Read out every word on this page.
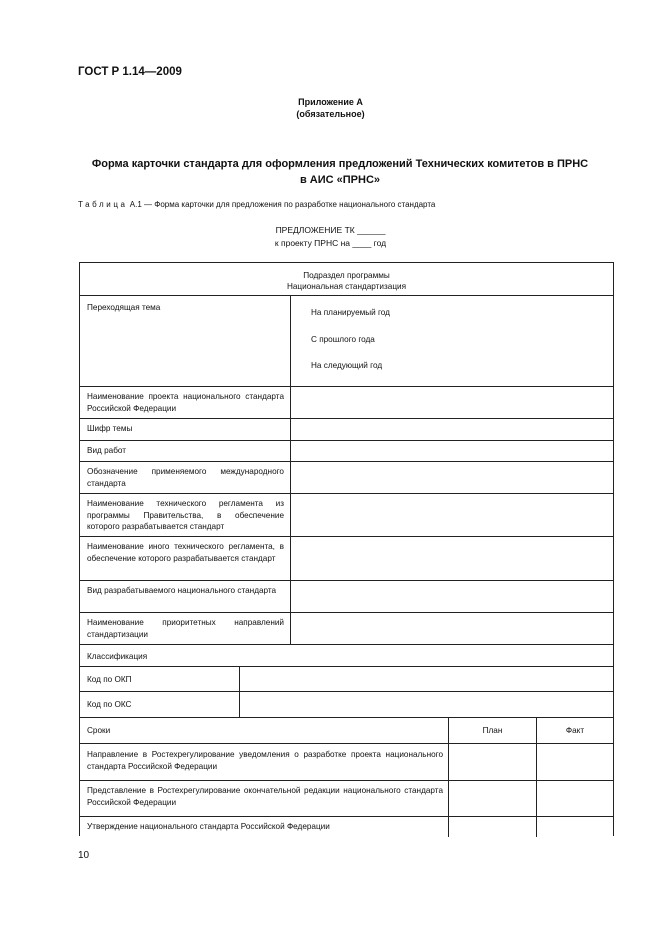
ГОСТ Р 1.14—2009
Приложение А
(обязательное)
Форма карточки стандарта для оформления предложений Технических комитетов в ПРНС
в АИС «ПРНС»
Таблица А.1 — Форма карточки для предложения по разработке национального стандарта
ПРЕДЛОЖЕНИЕ ТК ______
к проекту ПРНС на ____ год
Подраздел программы
Национальная стандартизация
Переходящая тема
На планируемый год
С прошлого года
На следующий год
Наименование проекта национального стандарта Российской Федерации
Шифр темы
Вид работ
Обозначение применяемого международного стандарта
Наименование технического регламента из программы Правительства, в обеспечение которого разрабатывается стандарт
Наименование иного технического регламента, в обеспечение которого разрабатывается стандарт
Вид разрабатываемого национального стандарта
Наименование приоритетных направлений стандартизации
Классификация
Код по ОКП
Код по ОКС
Сроки	План	Факт
Направление в Ростехрегулирование уведомления о разработке проекта национального стандарта Российской Федерации
Представление в Ростехрегулирование окончательной редакции национального стандарта Российской Федерации
Утверждение национального стандарта Российской Федерации
10
